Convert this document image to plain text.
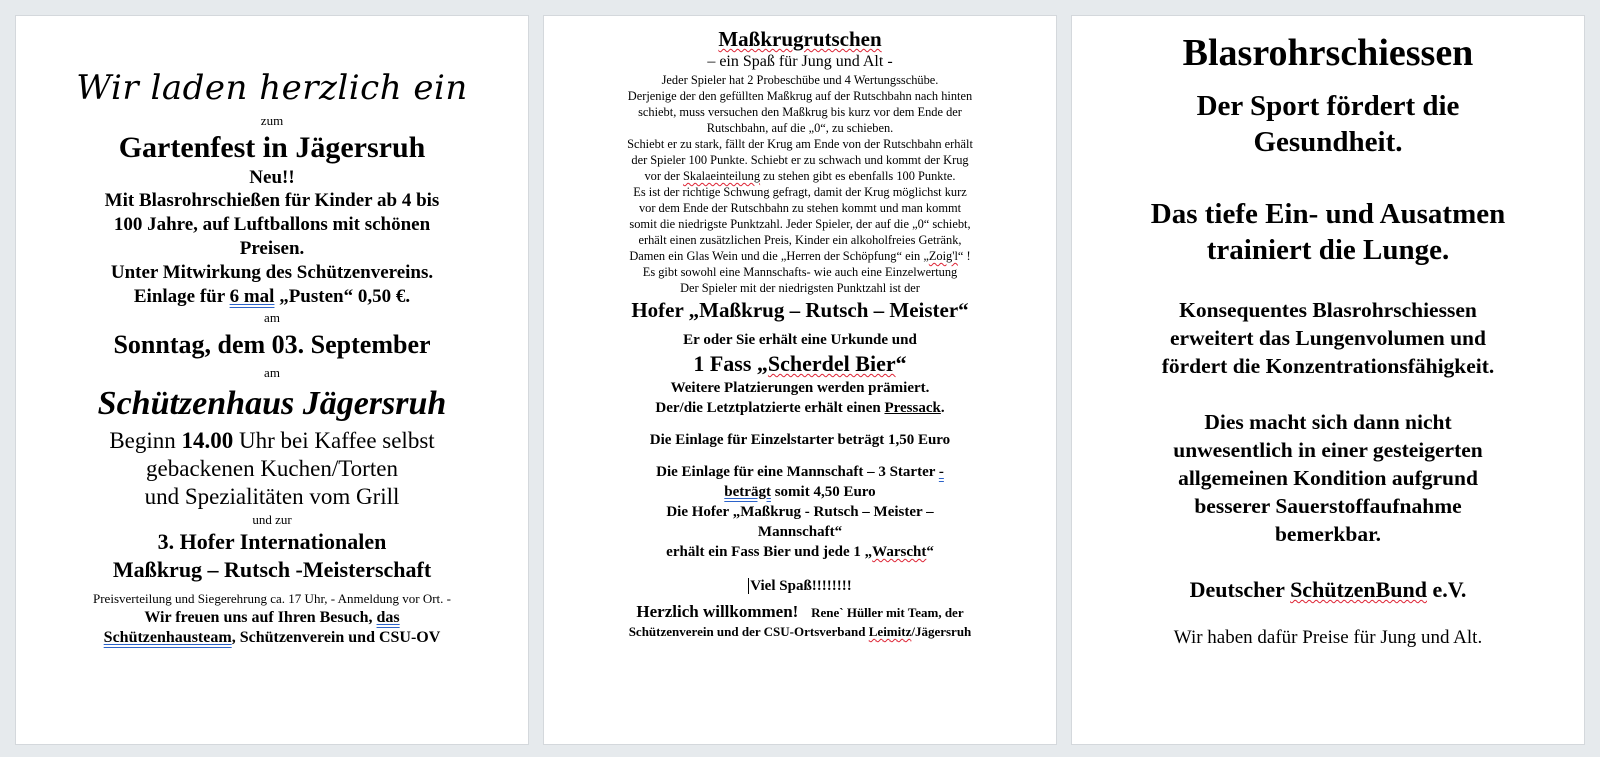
Wir laden herzlich ein
zum
Gartenfest in Jägersruh
Neu!!
Mit Blasrohrschießen für Kinder ab 4 bis
100 Jahre, auf Luftballons mit schönen
Preisen.
Unter Mitwirkung des Schützenvereins.
Einlage für 6 mal „Pusten“ 0,50 €.
am
Sonntag, dem 03. September
am
Schützenhaus Jägersruh
Beginn 14.00 Uhr bei Kaffee selbst
gebackenen Kuchen/Torten
und Spezialitäten vom Grill
und zur
3. Hofer Internationalen
Maßkrug – Rutsch -Meisterschaft
Preisverteilung und Siegerehrung ca. 17 Uhr, - Anmeldung vor Ort. -
Wir freuen uns auf Ihren Besuch, das
Schützenhausteam, Schützenverein und CSU-OV
Maßkrugrutschen
– ein Spaß für Jung und Alt -
Jeder Spieler hat 2 Probeschübe und 4 Wertungsschübe.
Derjenige der den gefüllten Maßkrug auf der Rutschbahn nach hinten
schiebt, muss versuchen den Maßkrug bis kurz vor dem Ende der
Rutschbahn, auf die „0“, zu schieben.
Schiebt er zu stark, fällt der Krug am Ende von der Rutschbahn erhält
der Spieler 100 Punkte. Schiebt er zu schwach und kommt der Krug
vor der Skalaeinteilung zu stehen gibt es ebenfalls 100 Punkte.
Es ist der richtige Schwung gefragt, damit der Krug möglichst kurz
vor dem Ende der Rutschbahn zu stehen kommt und man kommt
somit die niedrigste Punktzahl. Jeder Spieler, der auf die „0“ schiebt,
erhält einen zusätzlichen Preis, Kinder ein alkoholfreies Getränk,
Damen ein Glas Wein und die „Herren der Schöpfung“ ein „Zoig'l“ !
Es gibt sowohl eine Mannschafts- wie auch eine Einzelwertung
Der Spieler mit der niedrigsten Punktzahl ist der
Hofer „Maßkrug – Rutsch – Meister“
Er oder Sie erhält eine Urkunde und
1 Fass „Scherdel Bier“
Weitere Platzierungen werden prämiert.
Der/die Letztplatzierte erhält einen Pressack.
Die Einlage für Einzelstarter beträgt 1,50 Euro
Die Einlage für eine Mannschaft – 3 Starter -
beträgt somit 4,50 Euro
Die Hofer „Maßkrug - Rutsch – Meister –
Mannschaft“
erhält ein Fass Bier und jede 1 „Warscht“
Viel Spaß!!!!!!!!
Herzlich willkommen! Rene` Hüller mit Team, der
Schützenverein und der CSU-Ortsverband Leimitz/Jägersruh
Blasrohrschiessen
Der Sport fördert die
Gesundheit.
Das tiefe Ein- und Ausatmen
trainiert die Lunge.
Konsequentes Blasrohrschiessen
erweitert das Lungenvolumen und
fördert die Konzentrationsfähigkeit.
Dies macht sich dann nicht
unwesentlich in einer gesteigerten
allgemeinen Kondition aufgrund
besserer Sauerstoffaufnahme
bemerkbar.
Deutscher SchützenBund e.V.
Wir haben dafür Preise für Jung und Alt.
